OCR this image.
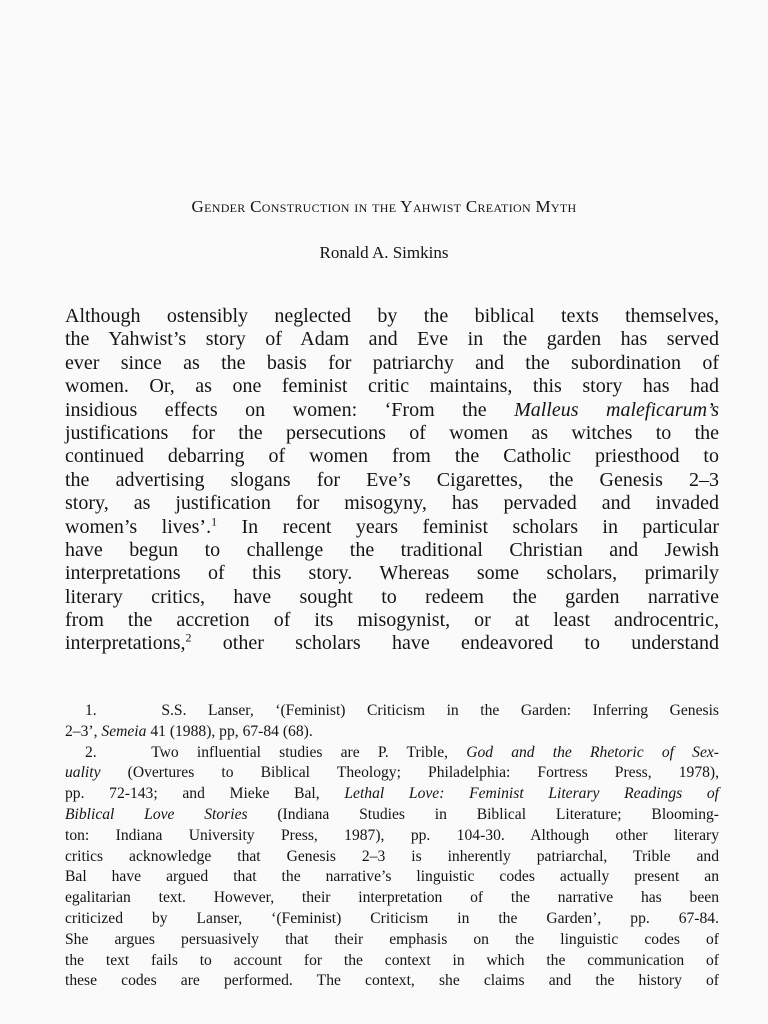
Gender Construction in the Yahwist Creation Myth
Ronald A. Simkins
Although ostensibly neglected by the biblical texts themselves,
the Yahwist’s story of Adam and Eve in the garden has served
ever since as the basis for patriarchy and the subordination of
women. Or, as one feminist critic maintains, this story has had
insidious effects on women: ‘From the Malleus maleficarum’s
justifications for the persecutions of women as witches to the
continued debarring of women from the Catholic priesthood to
the advertising slogans for Eve’s Cigarettes, the Genesis 2–3
story, as justification for misogyny, has pervaded and invaded
women’s lives’.$^1$ In recent years feminist scholars in particular
have begun to challenge the traditional Christian and Jewish
interpretations of this story. Whereas some scholars, primarily
literary critics, have sought to redeem the garden narrative
from the accretion of its misogynist, or at least androcentric,
interpretations,$^2$ other scholars have endeavored to understand
1.	S.S. Lanser, ‘(Feminist) Criticism in the Garden: Inferring Genesis
2–3’, Semeia 41 (1988), pp, 67-84 (68).
2.	Two influential studies are P. Trible, God and the Rhetoric of Sex-
uality (Overtures to Biblical Theology; Philadelphia: Fortress Press, 1978),
pp. 72-143; and Mieke Bal, Lethal Love: Feminist Literary Readings of
Biblical Love Stories (Indiana Studies in Biblical Literature; Blooming-
ton: Indiana University Press, 1987), pp. 104-30. Although other literary
critics acknowledge that Genesis 2–3 is inherently patriarchal, Trible and
Bal have argued that the narrative’s linguistic codes actually present an
egalitarian text. However, their interpretation of the narrative has been
criticized by Lanser, ‘(Feminist) Criticism in the Garden’, pp. 67-84.
She argues persuasively that their emphasis on the linguistic codes of
the text fails to account for the context in which the communication of
these codes are performed. The context, she claims and the history of
